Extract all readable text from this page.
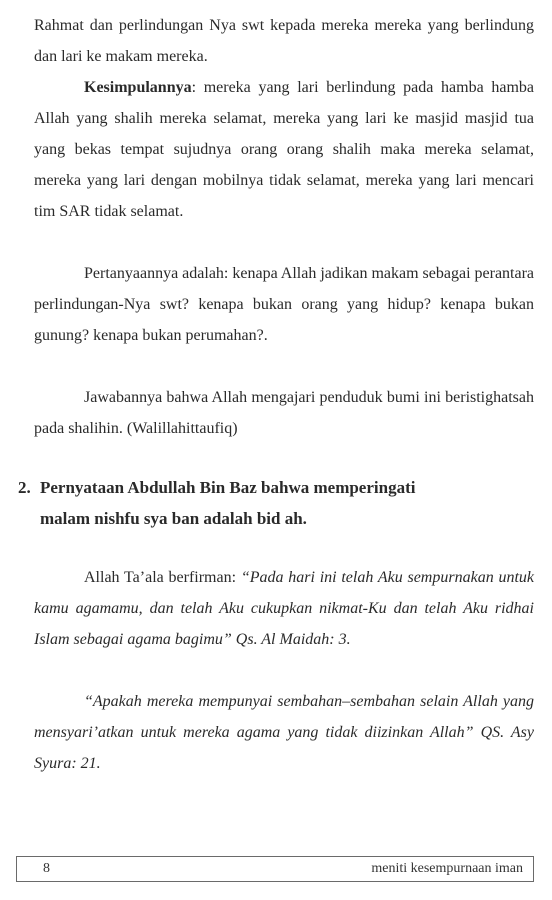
Rahmat dan perlindungan Nya swt kepada mereka mereka yang berlindung dan lari ke makam mereka.

Kesimpulannya: mereka yang lari berlindung pada hamba hamba Allah yang shalih mereka selamat, mereka yang lari ke masjid masjid tua yang bekas tempat sujudnya orang orang shalih maka mereka selamat, mereka yang lari dengan mobilnya tidak selamat, mereka yang lari mencari tim SAR tidak selamat.

Pertanyaannya adalah: kenapa Allah jadikan makam sebagai perantara perlindungan-Nya swt? kenapa bukan orang yang hidup? kenapa bukan gunung? kenapa bukan perumahan?.

Jawabannya bahwa Allah mengajari penduduk bumi ini beristighatsah pada shalihin. (Walillahittaufiq)

2. Pernyataan Abdullah Bin Baz bahwa memperingati
malam nishfu sya ban adalah bid ah.

Allah Ta’ala berfirman: “Pada hari ini telah Aku sempurnakan untuk kamu agamamu, dan telah Aku cukupkan nikmat-Ku dan telah Aku ridhai Islam sebagai agama bagimu” Qs. Al Maidah: 3.

“Apakah mereka mempunyai sembahan–sembahan selain Allah yang mensyari’atkan untuk mereka agama yang tidak diizinkan Allah” QS. Asy Syura: 21.

8	meniti kesempurnaan iman
